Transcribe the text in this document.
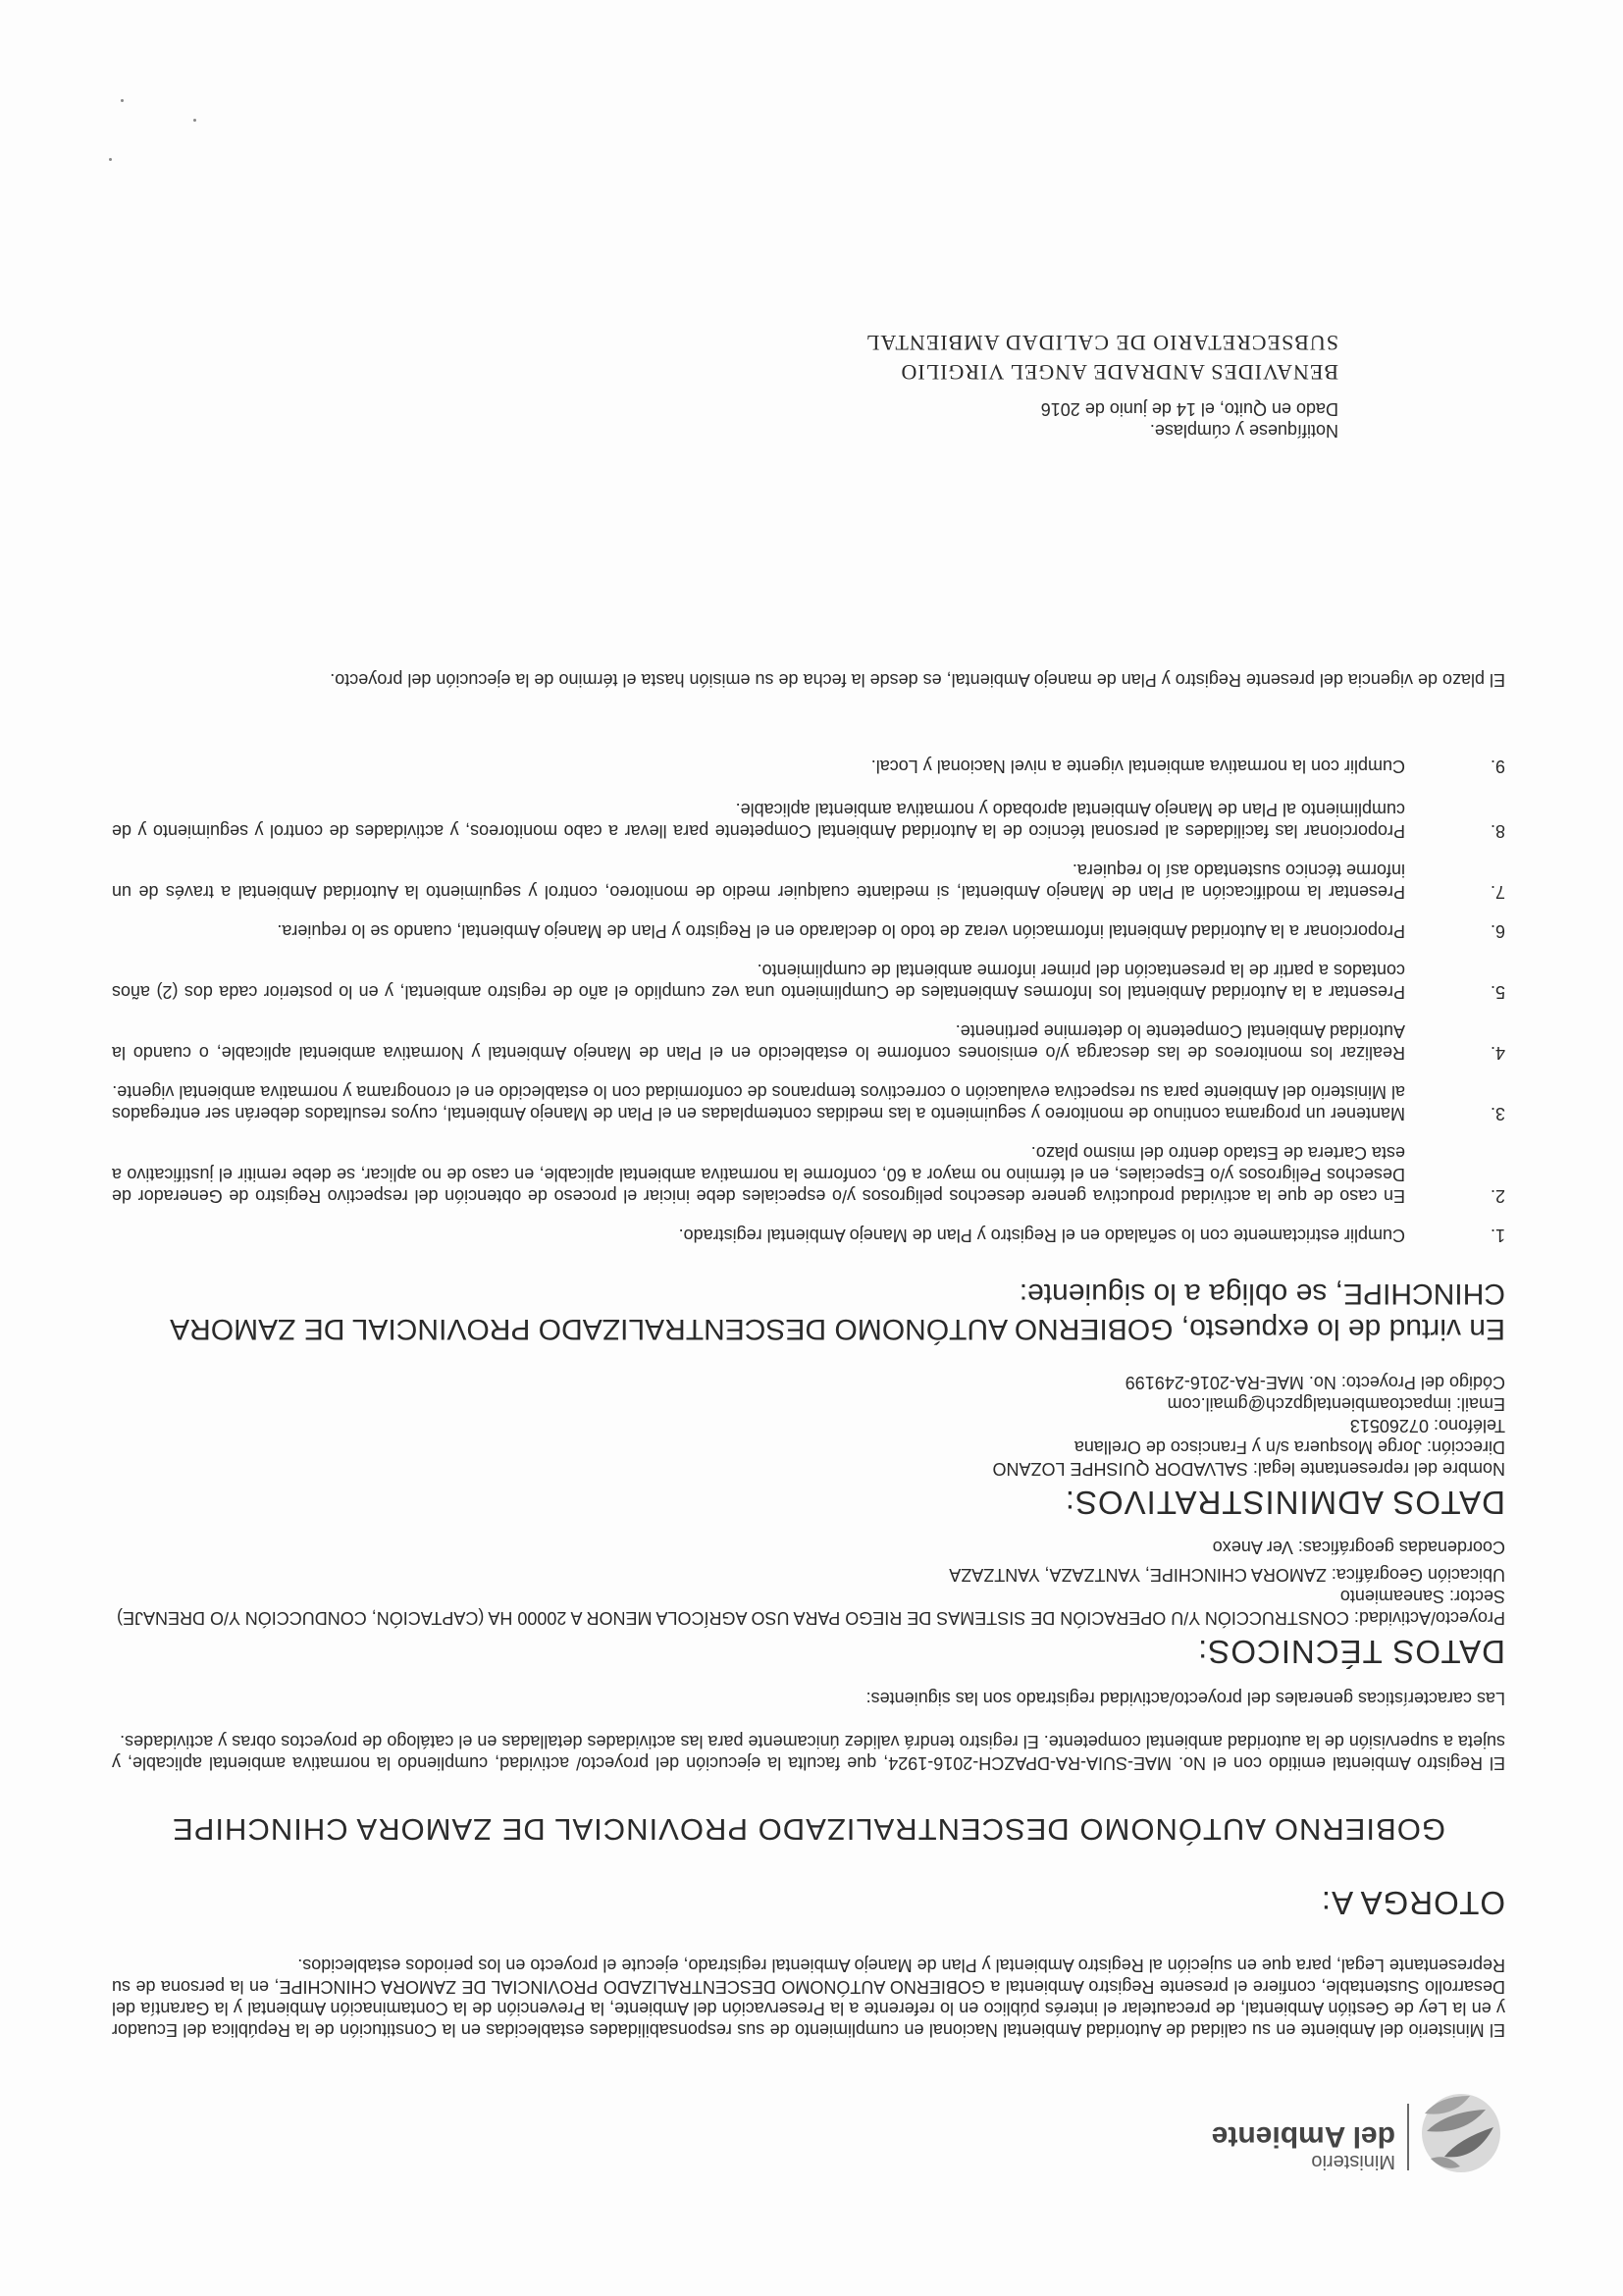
Ministerio
del Ambiente

El Ministerio del Ambiente en su calidad de Autoridad Ambiental Nacional en cumplimiento de sus responsabilidades establecidas en la Constitución de la República del Ecuador y en la Ley de Gestión Ambiental, de precautelar el interés público en lo referente a la Preservación del Ambiente, la Prevención de la Contaminación Ambiental y la Garantía del Desarrollo Sustentable, confiere el presente Registro Ambiental a GOBIERNO AUTÓNOMO DESCENTRALIZADO PROVINCIAL DE ZAMORA CHINCHIPE, en la persona de su Representante Legal, para que en sujeción al Registro Ambiental y Plan de Manejo Ambiental registrado, ejecute el proyecto en los periodos establecidos.

OTORGA A:
GOBIERNO AUTÓNOMO DESCENTRALIZADO PROVINCIAL DE ZAMORA CHINCHIPE

El Registro Ambiental emitido con el No. MAE-SUIA-RA-DPAZCH-2016-1924, que faculta la ejecución del proyecto/ actividad, cumpliendo la normativa ambiental aplicable, y sujeta a supervisión de la autoridad ambiental competente. El registro tendrá validez únicamente para las actividades detalladas en el catálogo de proyectos obras y actividades.

Las características generales del proyecto/actividad registrado son las siguientes:

DATOS TÉCNICOS:
Proyecto/Actividad: CONSTRUCCIÓN Y/U OPERACIÓN DE SISTEMAS DE RIEGO PARA USO AGRÍCOLA MENOR A 20000 HA (CAPTACIÓN, CONDUCCIÓN Y/O DRENAJE)
Sector: Saneamiento
Ubicación Geográfica: ZAMORA CHINCHIPE, YANTZAZA, YANTZAZA
Coordenadas geográficas: Ver Anexo
DATOS ADMINISTRATIVOS:
Nombre del representante legal: SALVADOR QUISHPE LOZANO
Dirección: Jorge Mosquera s/n y Francisco de Orellana
Teléfono: 07260513
Email: impactoambientalgpzch@gmail.com
Código del Proyecto: No. MAE-RA-2016-249199
En virtud de lo expuesto, GOBIERNO AUTÓNOMO DESCENTRALIZADO PROVINCIAL DE ZAMORA CHINCHIPE, se obliga a lo siguiente:
1.
Cumplir estrictamente con lo señalado en el Registro y Plan de Manejo Ambiental registrado.
2.
En caso de que la actividad productiva genere desechos peligrosos y/o especiales debe iniciar el proceso de obtención del respectivo Registro de Generador de Desechos Peligrosos y/o Especiales, en el término no mayor a 60, conforme la normativa ambiental aplicable, en caso de no aplicar, se debe remitir el justificativo a esta Cartera de Estado dentro del mismo plazo.
3.
Mantener un programa continuo de monitoreo y seguimiento a las medidas contempladas en el Plan de Manejo Ambiental, cuyos resultados deberán ser entregados al Ministerio del Ambiente para su respectiva evaluación o correctivos tempranos de conformidad con lo establecido en el cronograma y normativa ambiental vigente.
4.
Realizar los monitoreos de las descarga y/o emisiones conforme lo establecido en el Plan de Manejo Ambiental y Normativa ambiental aplicable, o cuando la Autoridad Ambiental Competente lo determine pertinente.
5.
Presentar a la Autoridad Ambiental los Informes Ambientales de Cumplimiento una vez cumplido el año de registro ambiental, y en lo posterior cada dos (2) años contados a partir de la presentación del primer informe ambiental de cumplimiento.
6.
Proporcionar a la Autoridad Ambiental información veraz de todo lo declarado en el Registro y Plan de Manejo Ambiental, cuando se lo requiera.
7.
Presentar la modificación al Plan de Manejo Ambiental, si mediante cualquier medio de monitoreo, control y seguimiento la Autoridad Ambiental a través de un informe técnico sustentado así lo requiera.
8.
Proporcionar las facilidades al personal técnico de la Autoridad Ambiental Competente para llevar a cabo monitoreos, y actividades de control y seguimiento y de cumplimiento al Plan de Manejo Ambiental aprobado y normativa ambiental aplicable.
9.
Cumplir con la normativa ambiental vigente a nivel Nacional y Local.

El plazo de vigencia del presente Registro y Plan de manejo Ambiental, es desde la fecha de su emisión hasta el término de la ejecución del proyecto.

Notifíquese y cúmplase.
Dado en Quito, el 14 de junio de 2016
BENAVIDES ANDRADE ANGEL VIRGILIO
SUBSECRETARIO DE CALIDAD AMBIENTAL
